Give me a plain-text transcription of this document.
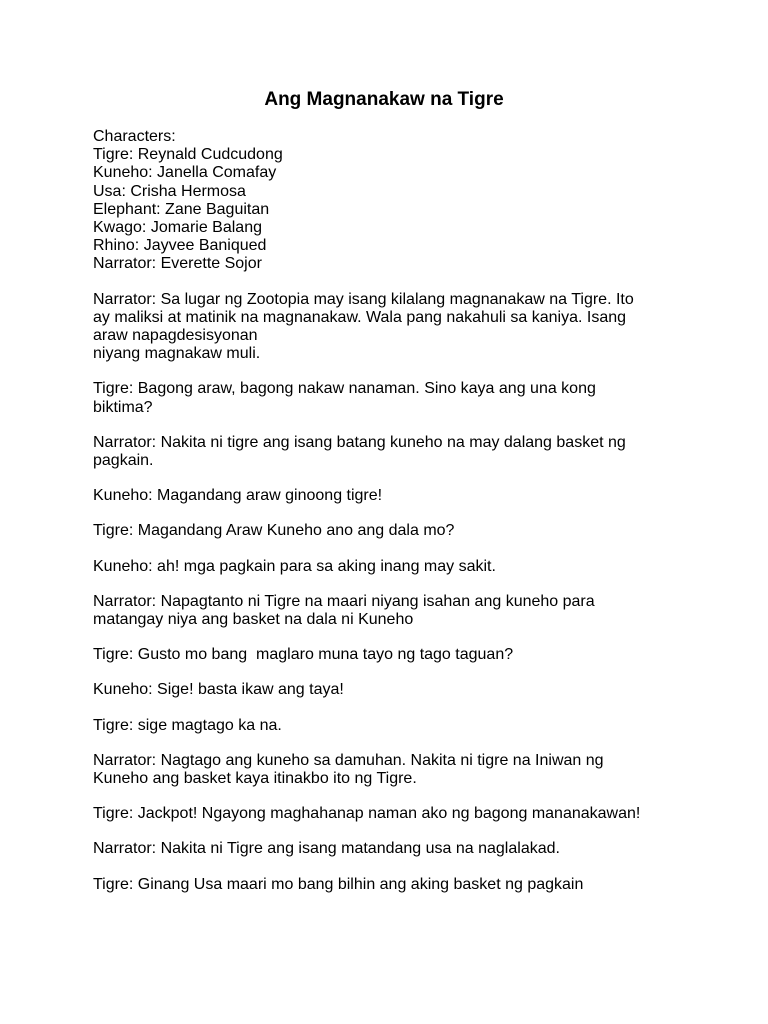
Ang Magnanakaw na Tigre
Characters:
Tigre: Reynald Cudcudong
Kuneho: Janella Comafay
Usa: Crisha Hermosa
Elephant: Zane Baguitan
Kwago: Jomarie Balang
Rhino: Jayvee Baniqued
Narrator: Everette Sojor
Narrator: Sa lugar ng Zootopia may isang kilalang magnanakaw na Tigre. Ito
ay maliksi at matinik na magnanakaw. Wala pang nakahuli sa kaniya. Isang
araw napagdesisyonan
niyang magnakaw muli.
Tigre: Bagong araw, bagong nakaw nanaman. Sino kaya ang una kong
biktima?
Narrator: Nakita ni tigre ang isang batang kuneho na may dalang basket ng
pagkain.
Kuneho: Magandang araw ginoong tigre!
Tigre: Magandang Araw Kuneho ano ang dala mo?
Kuneho: ah! mga pagkain para sa aking inang may sakit.
Narrator: Napagtanto ni Tigre na maari niyang isahan ang kuneho para
matangay niya ang basket na dala ni Kuneho
Tigre: Gusto mo bang  maglaro muna tayo ng tago taguan?
Kuneho: Sige! basta ikaw ang taya!
Tigre: sige magtago ka na.
Narrator: Nagtago ang kuneho sa damuhan. Nakita ni tigre na Iniwan ng
Kuneho ang basket kaya itinakbo ito ng Tigre.
Tigre: Jackpot! Ngayong maghahanap naman ako ng bagong mananakawan!
Narrator: Nakita ni Tigre ang isang matandang usa na naglalakad.
Tigre: Ginang Usa maari mo bang bilhin ang aking basket ng pagkain
